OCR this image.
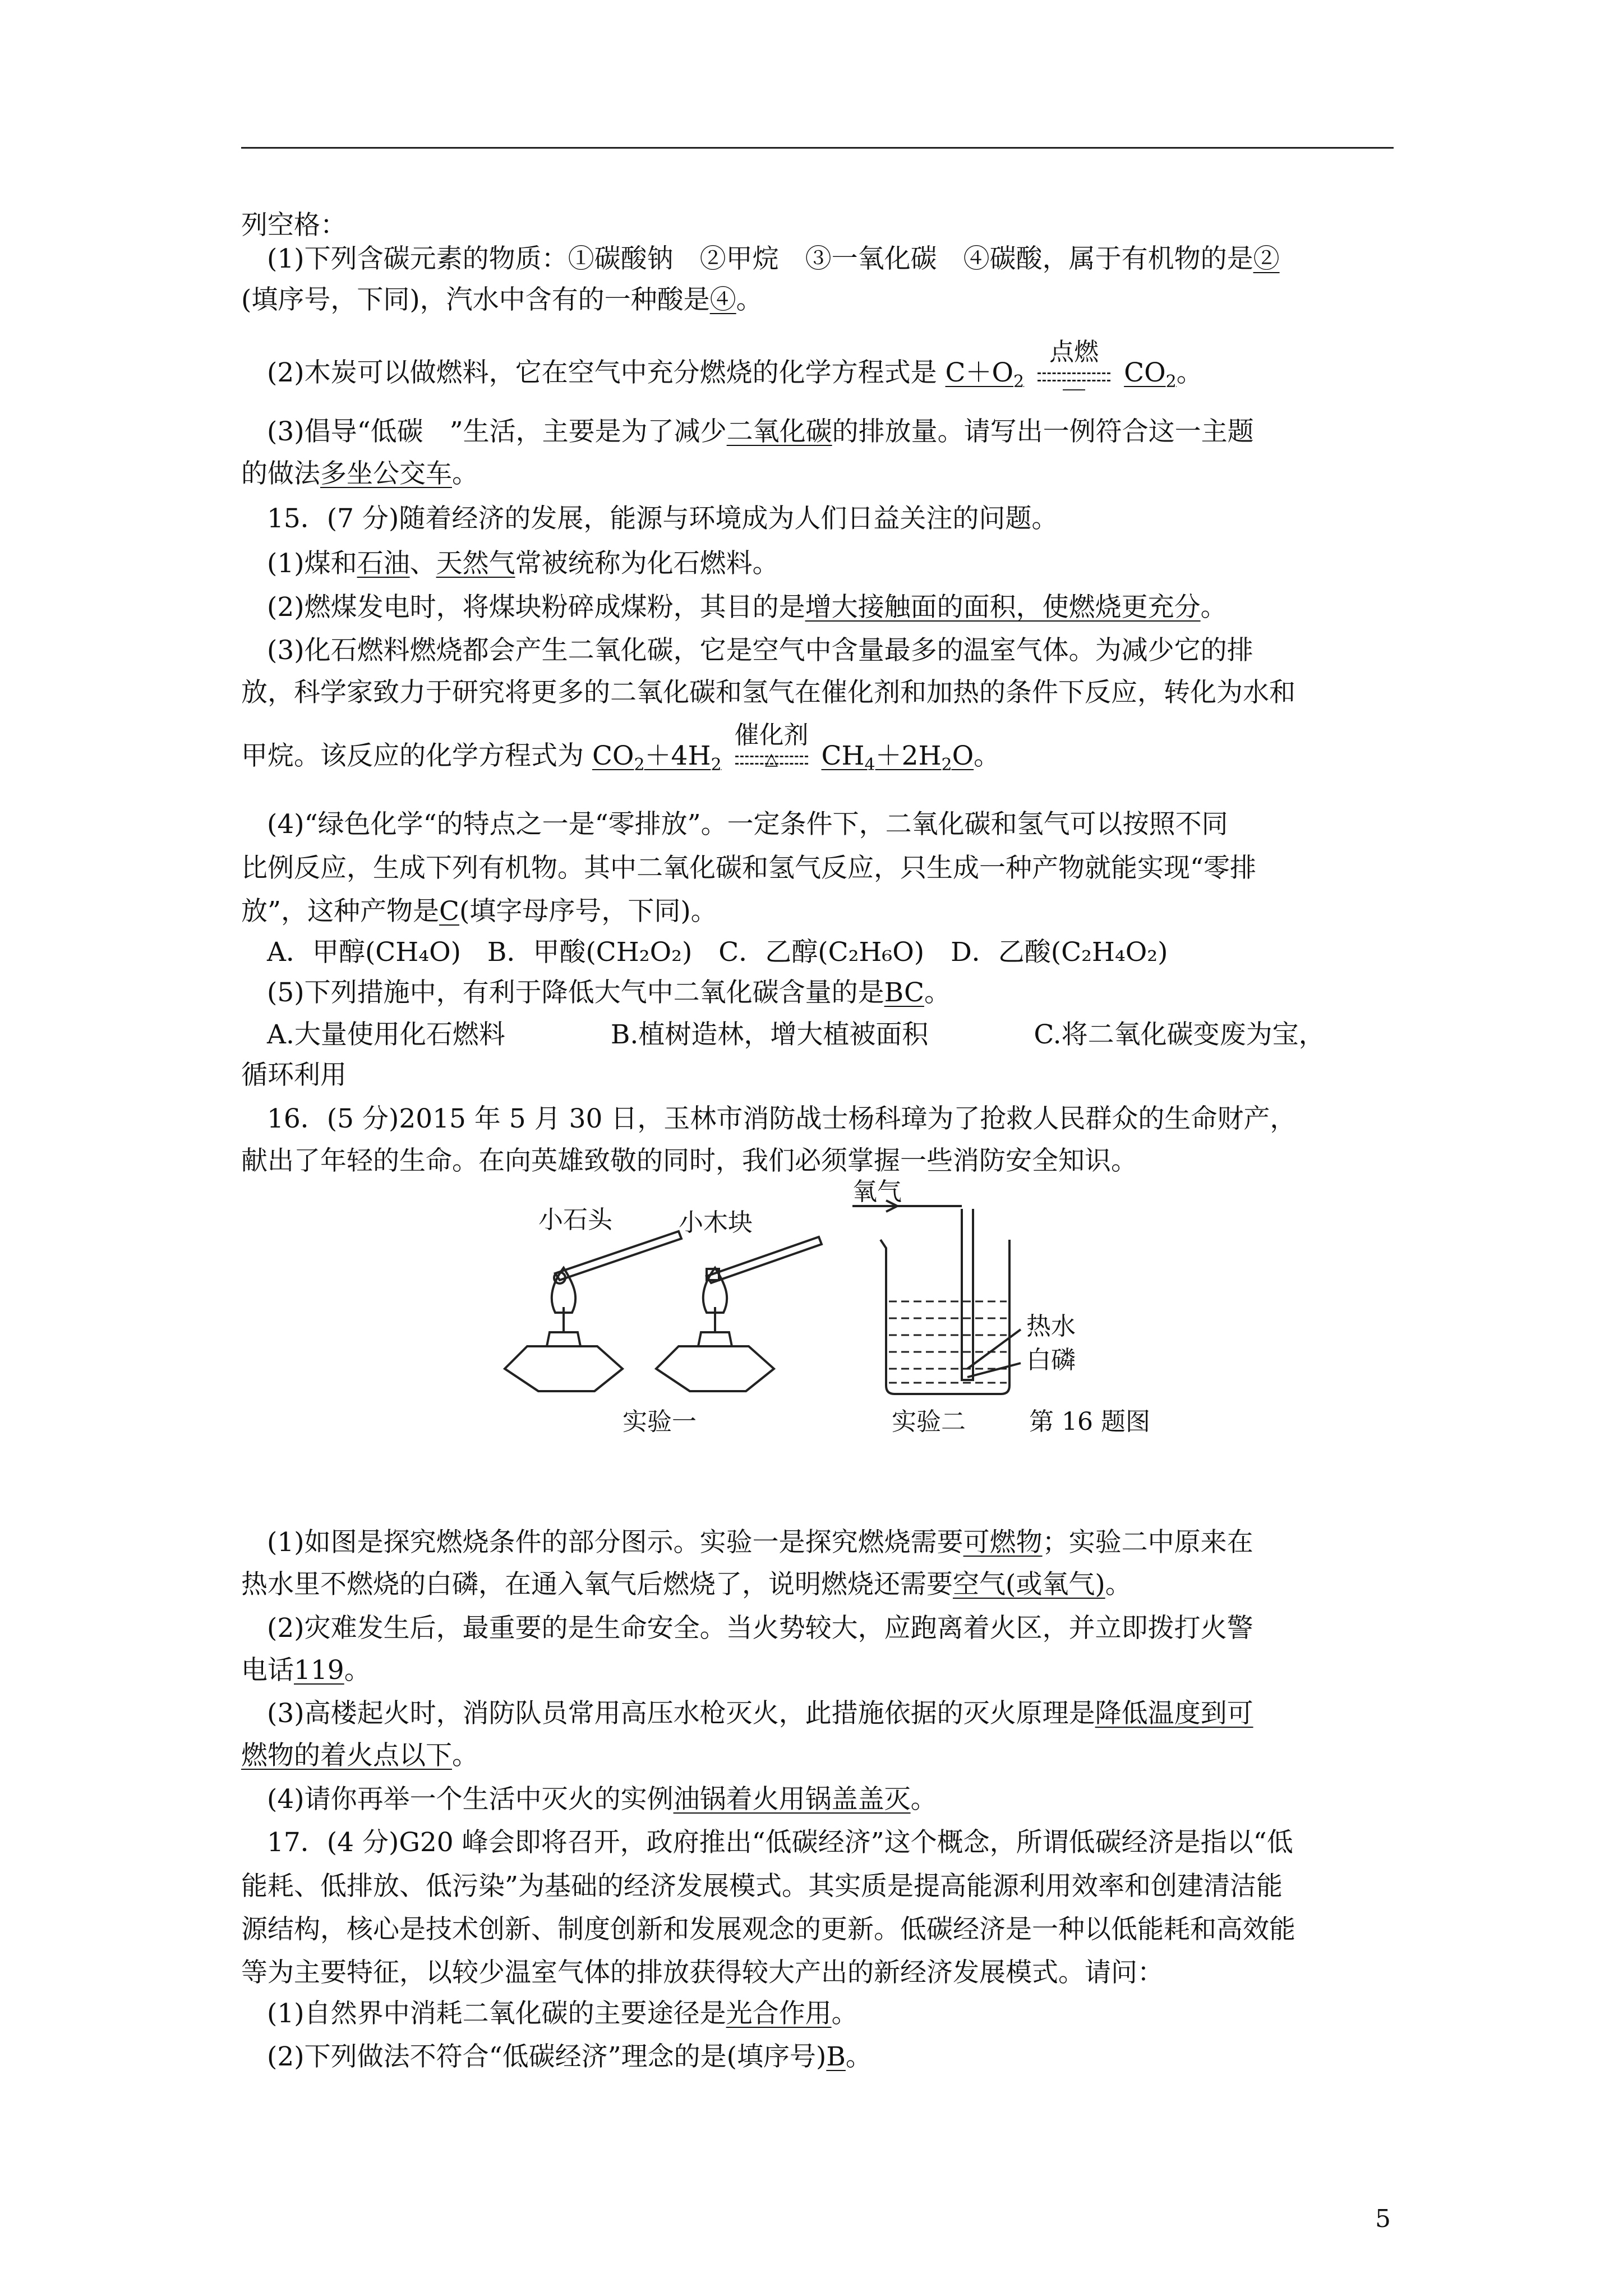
列空格：
(1)下列含碳元素的物质：①碳酸钠　②甲烷　③一氧化碳　④碳酸，属于有机物的是②
(填序号，下同)，汽水中含有的一种酸是④。
(2)木炭可以做燃料，它在空气中充分燃烧的化学方程式是 $C+O_2$
点燃
$CO_2$。
(3)倡导“低碳　”生活，主要是为了减少二氧化碳的排放量。请写出一例符合这一主题
的做法多坐公交车。
15．(7 分)随着经济的发展，能源与环境成为人们日益关注的问题。
(1)煤和石油、天然气常被统称为化石燃料。
(2)燃煤发电时，将煤块粉碎成煤粉，其目的是增大接触面的面积，使燃烧更充分。
(3)化石燃料燃烧都会产生二氧化碳，它是空气中含量最多的温室气体。为减少它的排
放，科学家致力于研究将更多的二氧化碳和氢气在催化剂和加热的条件下反应，转化为水和
甲烷。该反应的化学方程式为 $CO_2+4H_2$
催化剂
△	$CH_4+2H_2O$。
(4)“绿色化学“的特点之一是“零排放”。一定条件下，二氧化碳和氢气可以按照不同
比例反应，生成下列有机物。其中二氧化碳和氢气反应，只生成一种产物就能实现“零排
放”，这种产物是C(填字母序号，下同)。
A．甲醇(CH₄O)　B．甲酸(CH₂O₂)　C．乙醇(C₂H₆O)　D．乙酸(C₂H₄O₂)
(5)下列措施中，有利于降低大气中二氧化碳含量的是BC。
A.大量使用化石燃料　　　　B.植树造林，增大植被面积　　　　C.将二氧化碳变废为宝，
循环利用
16．(5 分)2015 年 5 月 30 日，玉林市消防战士杨科璋为了抢救人民群众的生命财产，
献出了年轻的生命。在向英雄致敬的同时，我们必须掌握一些消防安全知识。
小石头	小木块
氧气
热水
白磷
实验一	实验二	第 16 题图
(1)如图是探究燃烧条件的部分图示。实验一是探究燃烧需要可燃物；实验二中原来在
热水里不燃烧的白磷，在通入氧气后燃烧了，说明燃烧还需要空气(或氧气)。
(2)灾难发生后，最重要的是生命安全。当火势较大，应跑离着火区，并立即拨打火警
电话119。
(3)高楼起火时，消防队员常用高压水枪灭火，此措施依据的灭火原理是降低温度到可
燃物的着火点以下。
(4)请你再举一个生活中灭火的实例油锅着火用锅盖盖灭。
17．(4 分)G20 峰会即将召开，政府推出“低碳经济”这个概念，所谓低碳经济是指以“低
能耗、低排放、低污染”为基础的经济发展模式。其实质是提高能源利用效率和创建清洁能
源结构，核心是技术创新、制度创新和发展观念的更新。低碳经济是一种以低能耗和高效能
等为主要特征，以较少温室气体的排放获得较大产出的新经济发展模式。请问：
(1)自然界中消耗二氧化碳的主要途径是光合作用。
(2)下列做法不符合“低碳经济”理念的是(填序号)B。
5
